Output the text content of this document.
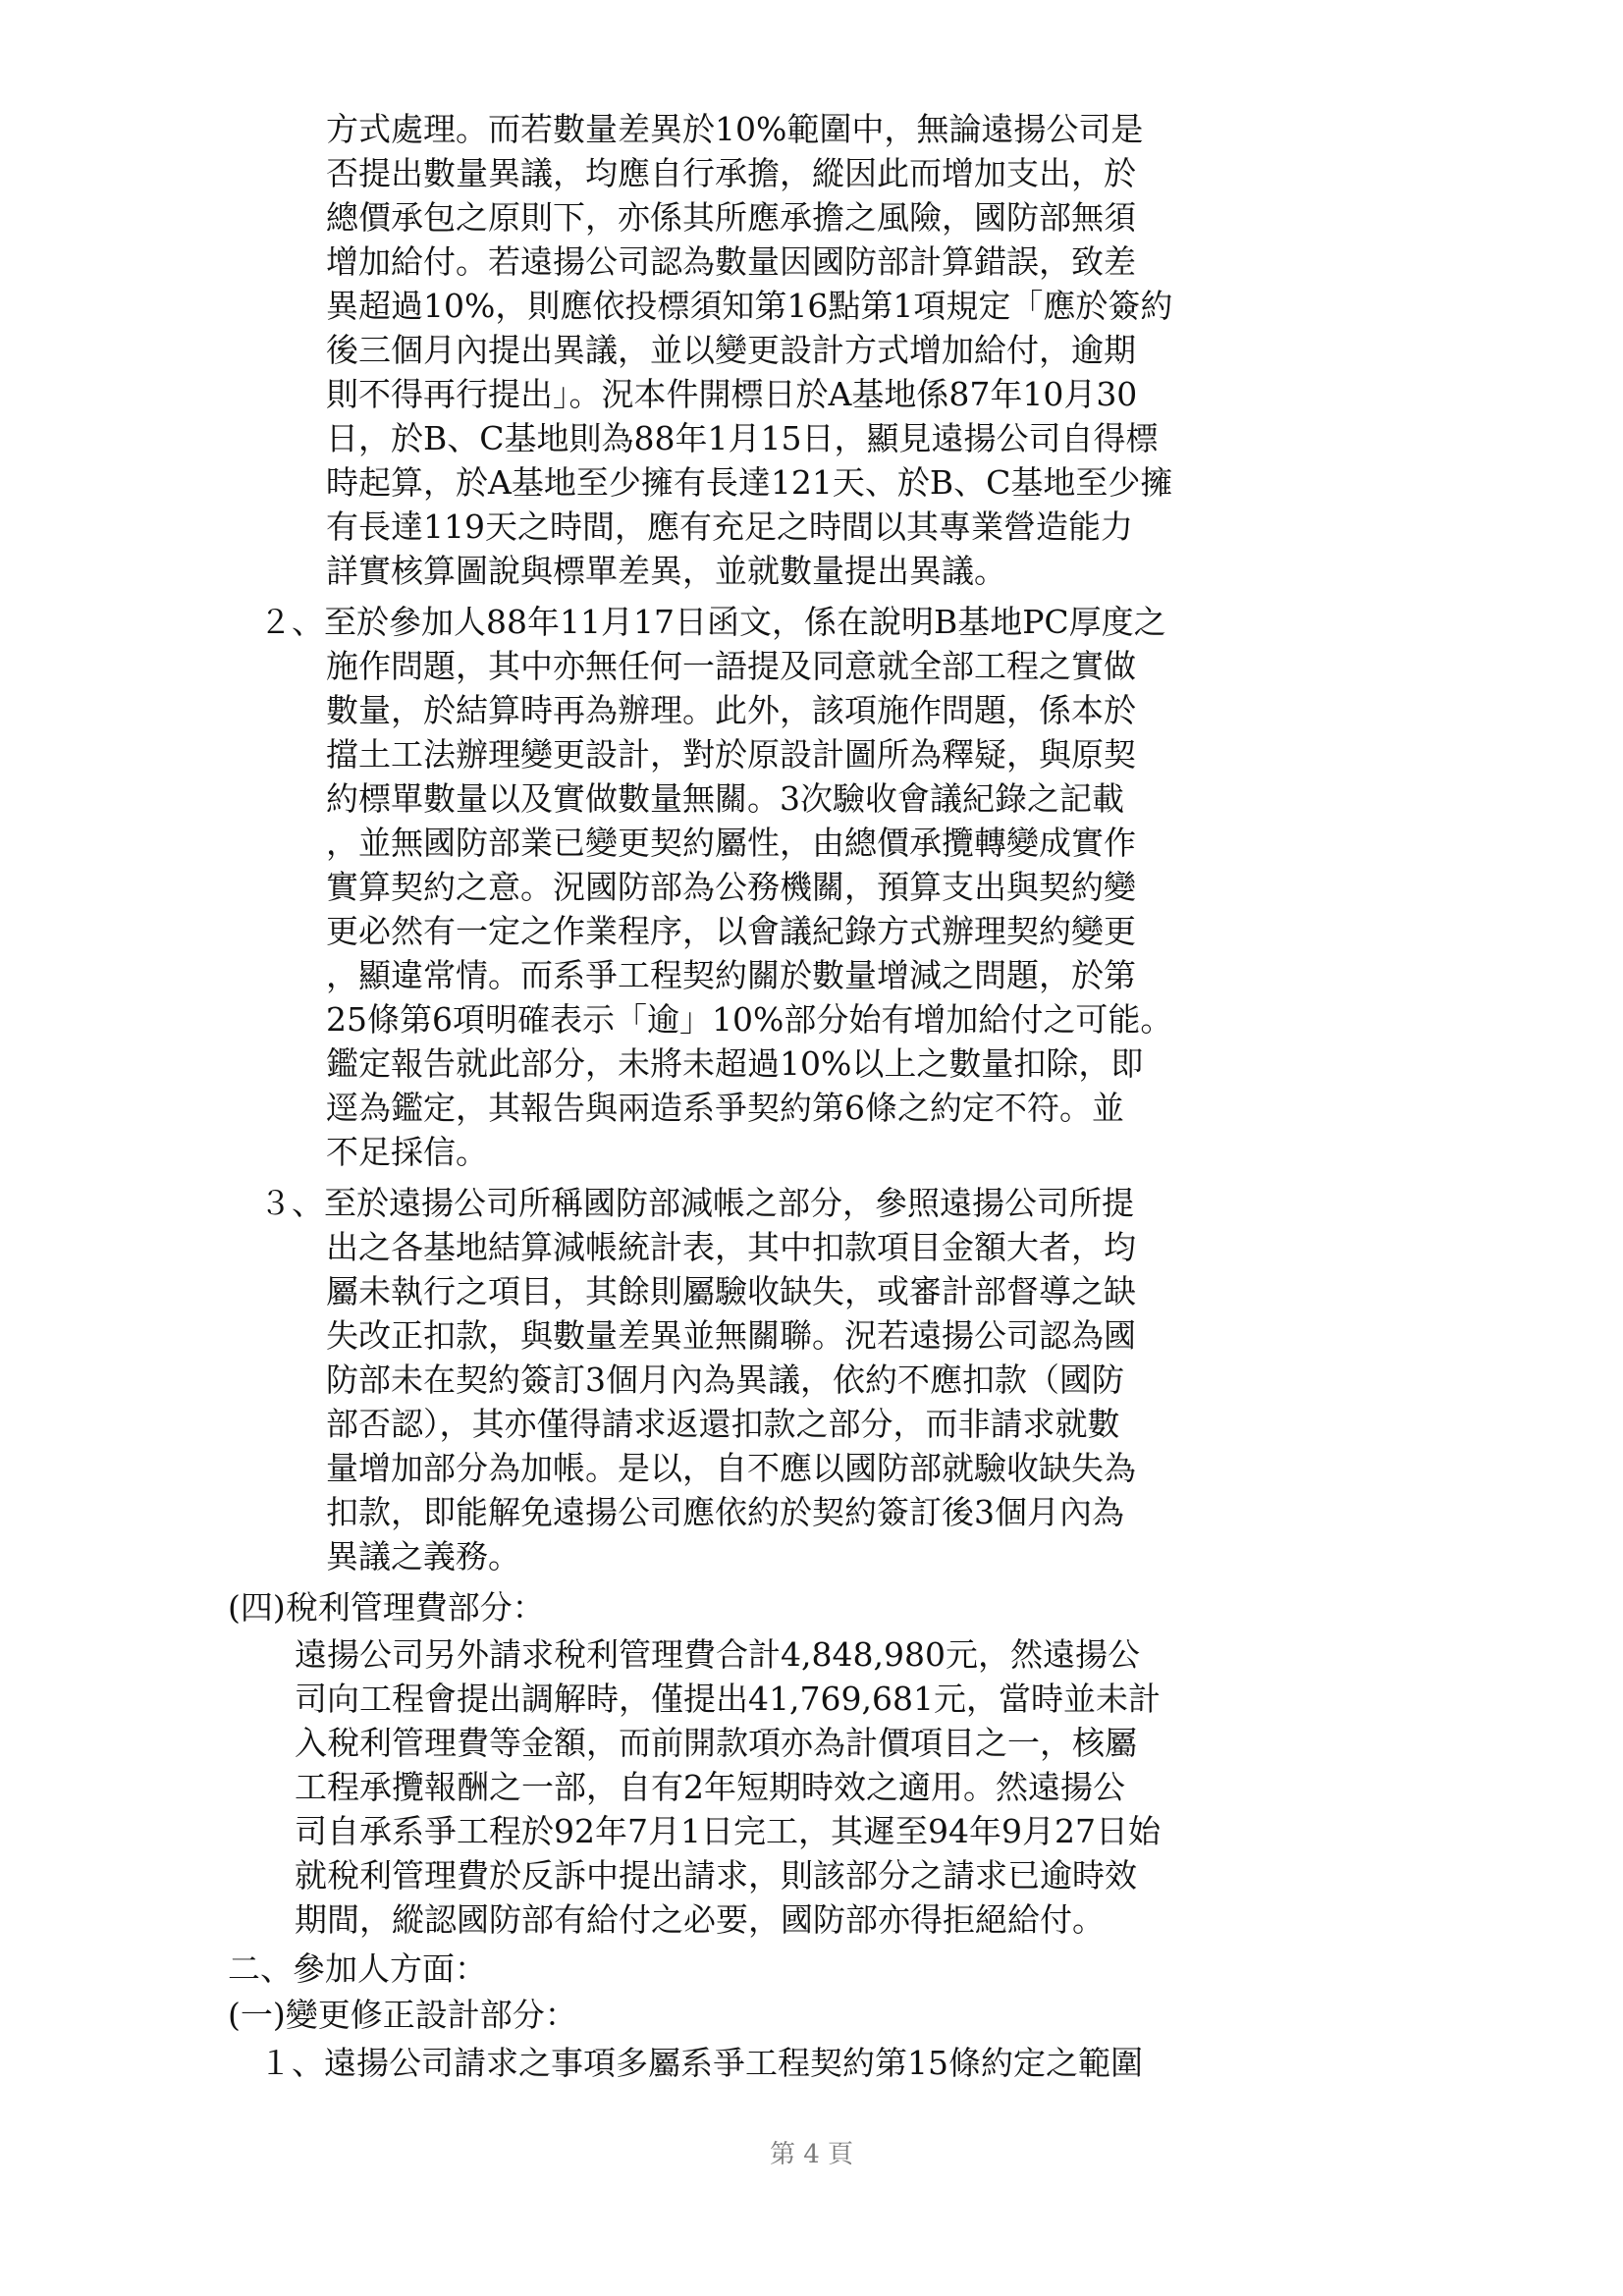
方式處理。而若數量差異於10%範圍中，無論遠揚公司是

否提出數量異議，均應自行承擔，縱因此而增加支出，於

總價承包之原則下，亦係其所應承擔之風險，國防部無須

增加給付。若遠揚公司認為數量因國防部計算錯誤，致差

異超過10%，則應依投標須知第16點第1項規定「應於簽約

後三個月內提出異議，並以變更設計方式增加給付，逾期

則不得再行提出」。況本件開標日於A基地係87年10月30

日，於B、C基地則為88年1月15日，顯見遠揚公司自得標

時起算，於A基地至少擁有長達121天、於B、C基地至少擁

有長達119天之時間，應有充足之時間以其專業營造能力

詳實核算圖說與標單差異，並就數量提出異議。

２、至於參加人88年11月17日函文，係在說明B基地PC厚度之

施作問題，其中亦無任何一語提及同意就全部工程之實做

數量，於結算時再為辦理。此外，該項施作問題，係本於

擋土工法辦理變更設計，對於原設計圖所為釋疑，與原契

約標單數量以及實做數量無關。3次驗收會議紀錄之記載

，並無國防部業已變更契約屬性，由總價承攬轉變成實作

實算契約之意。況國防部為公務機關，預算支出與契約變

更必然有一定之作業程序，以會議紀錄方式辦理契約變更

，顯違常情。而系爭工程契約關於數量增減之問題，於第

25條第6項明確表示「逾」10%部分始有增加給付之可能。

鑑定報告就此部分，未將未超過10%以上之數量扣除，即

逕為鑑定，其報告與兩造系爭契約第6條之約定不符。並

不足採信。

３、至於遠揚公司所稱國防部減帳之部分，參照遠揚公司所提

出之各基地結算減帳統計表，其中扣款項目金額大者，均

屬未執行之項目，其餘則屬驗收缺失，或審計部督導之缺

失改正扣款，與數量差異並無關聯。況若遠揚公司認為國

防部未在契約簽訂3個月內為異議，依約不應扣款（國防

部否認），其亦僅得請求返還扣款之部分，而非請求就數

量增加部分為加帳。是以，自不應以國防部就驗收缺失為

扣款，即能解免遠揚公司應依約於契約簽訂後3個月內為

異議之義務。

(四)稅利管理費部分：

遠揚公司另外請求稅利管理費合計4,848,980元，然遠揚公

司向工程會提出調解時，僅提出41,769,681元，當時並未計

入稅利管理費等金額，而前開款項亦為計價項目之一，核屬

工程承攬報酬之一部，自有2年短期時效之適用。然遠揚公

司自承系爭工程於92年7月1日完工，其遲至94年9月27日始

就稅利管理費於反訴中提出請求，則該部分之請求已逾時效

期間，縱認國防部有給付之必要，國防部亦得拒絕給付。

二、參加人方面：

(一)變更修正設計部分：

１、遠揚公司請求之事項多屬系爭工程契約第15條約定之範圍

第 4 頁
